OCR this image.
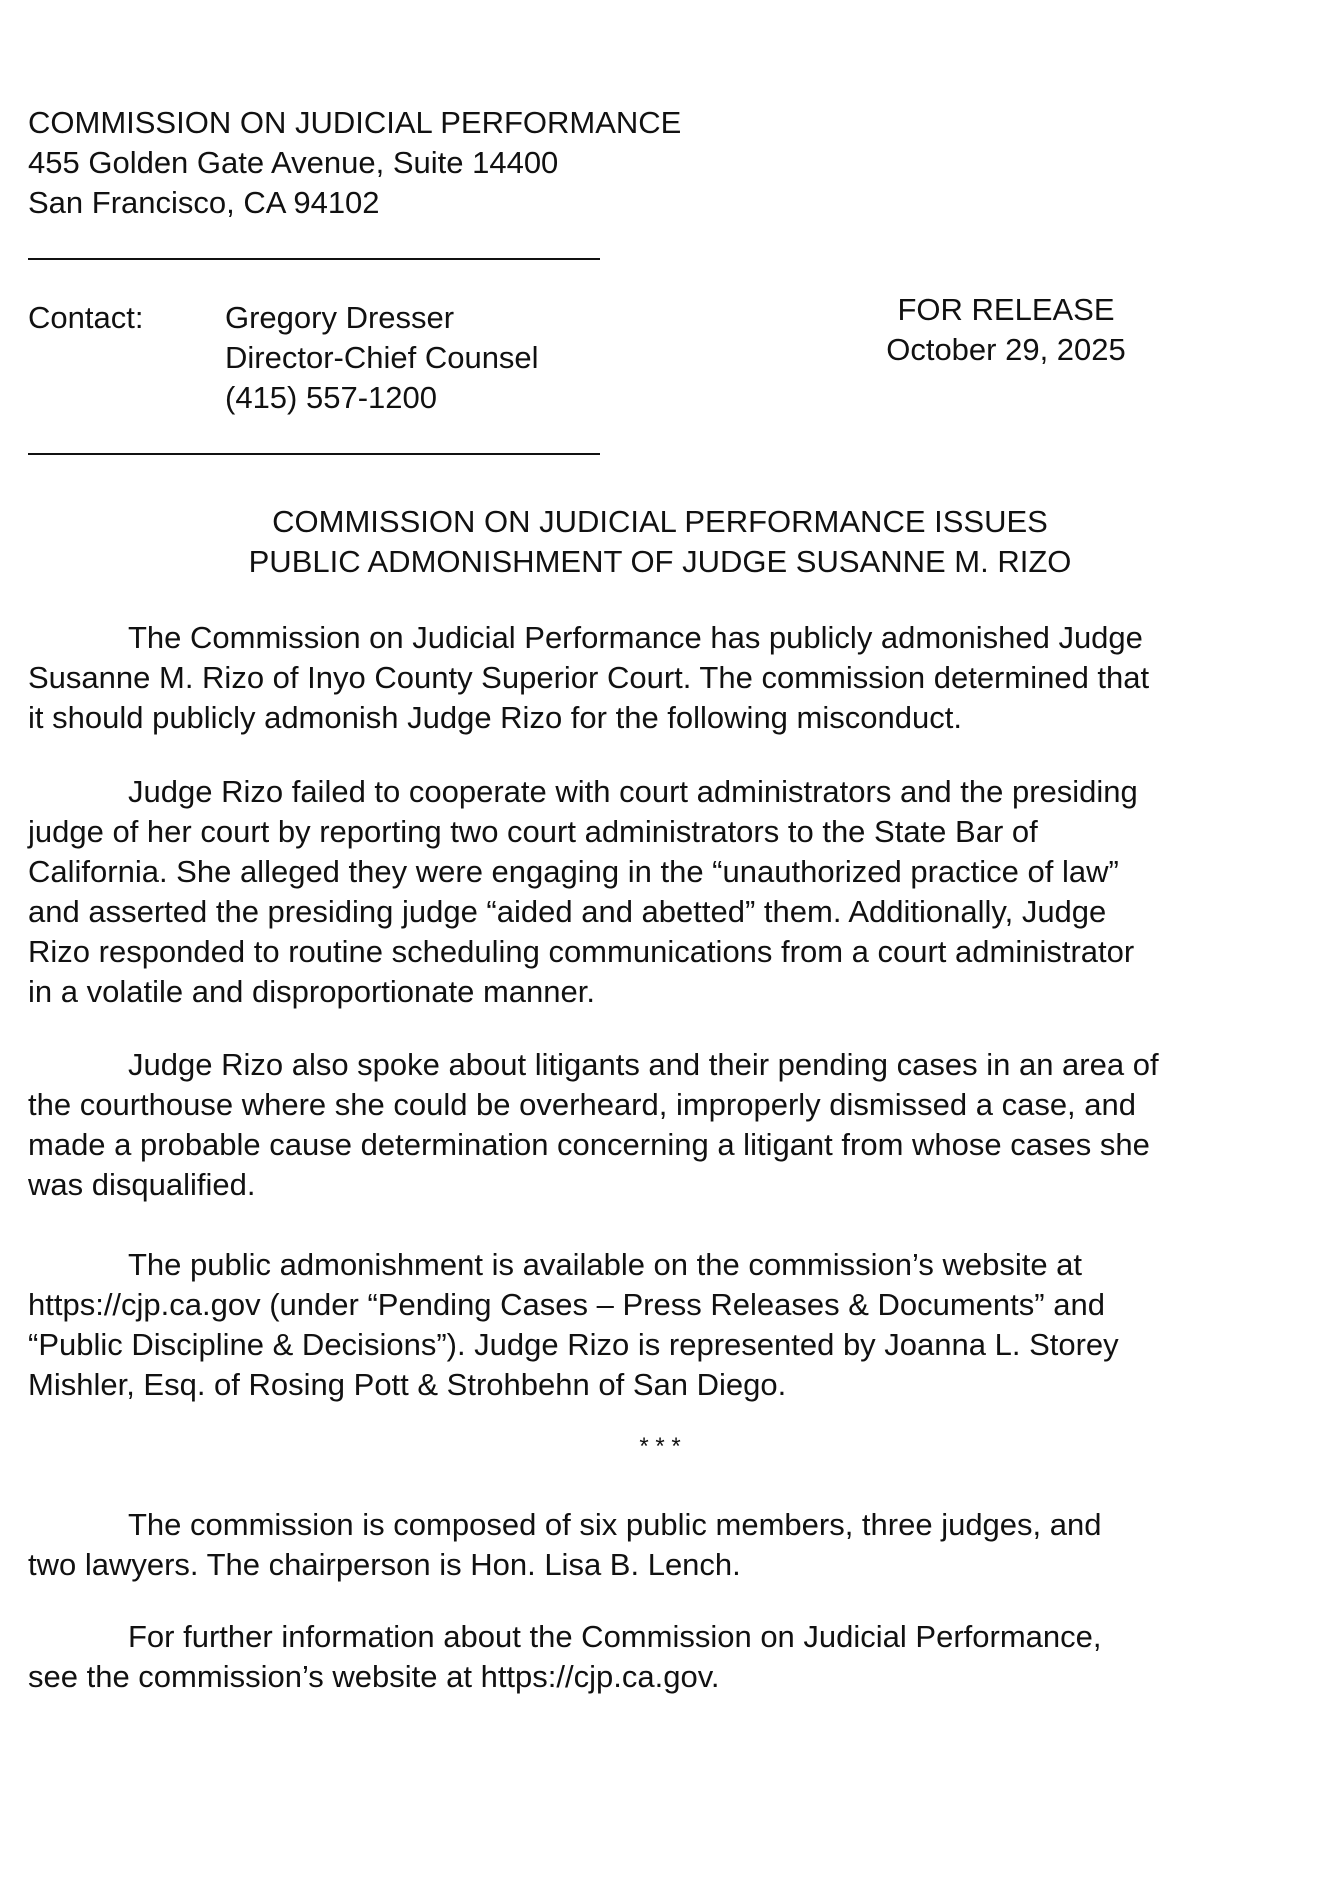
COMMISSION ON JUDICIAL PERFORMANCE
455 Golden Gate Avenue, Suite 14400
San Francisco, CA 94102
Contact:	Gregory Dresser
Director-Chief Counsel
(415) 557-1200
FOR RELEASE
October 29, 2025
COMMISSION ON JUDICIAL PERFORMANCE ISSUES
PUBLIC ADMONISHMENT OF JUDGE SUSANNE M. RIZO
The Commission on Judicial Performance has publicly admonished Judge
Susanne M. Rizo of Inyo County Superior Court. The commission determined that
it should publicly admonish Judge Rizo for the following misconduct.
Judge Rizo failed to cooperate with court administrators and the presiding
judge of her court by reporting two court administrators to the State Bar of
California. She alleged they were engaging in the “unauthorized practice of law”
and asserted the presiding judge “aided and abetted” them. Additionally, Judge
Rizo responded to routine scheduling communications from a court administrator
in a volatile and disproportionate manner.
Judge Rizo also spoke about litigants and their pending cases in an area of
the courthouse where she could be overheard, improperly dismissed a case, and
made a probable cause determination concerning a litigant from whose cases she
was disqualified.
The public admonishment is available on the commission’s website at
https://cjp.ca.gov (under “Pending Cases – Press Releases & Documents” and
“Public Discipline & Decisions”). Judge Rizo is represented by Joanna L. Storey
Mishler, Esq. of Rosing Pott & Strohbehn of San Diego.
* * *
The commission is composed of six public members, three judges, and
two lawyers. The chairperson is Hon. Lisa B. Lench.
For further information about the Commission on Judicial Performance,
see the commission’s website at https://cjp.ca.gov.
